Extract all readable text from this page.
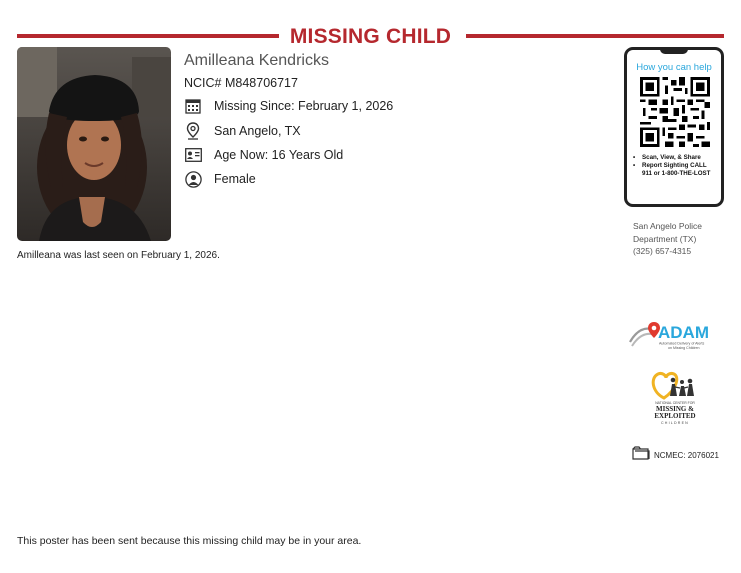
MISSING CHILD
Amilleana Kendricks
NCIC# M848706717
Missing Since: February 1, 2026
San Angelo, TX
Age Now: 16 Years Old
Female
Amilleana was last seen on February 1, 2026.
How you can help
• Scan, View, & Share
• Report Sighting CALL 911 or 1-800-THE-LOST
San Angelo Police
Department (TX)
(325) 657-4315
ADAM
Automated Delivery of Alerts
on Missing Children
NATIONAL CENTER FOR
MISSING &
EXPLOITED
CHILDREN
NCMEC: 2076021
This poster has been sent because this missing child may be in your area.
